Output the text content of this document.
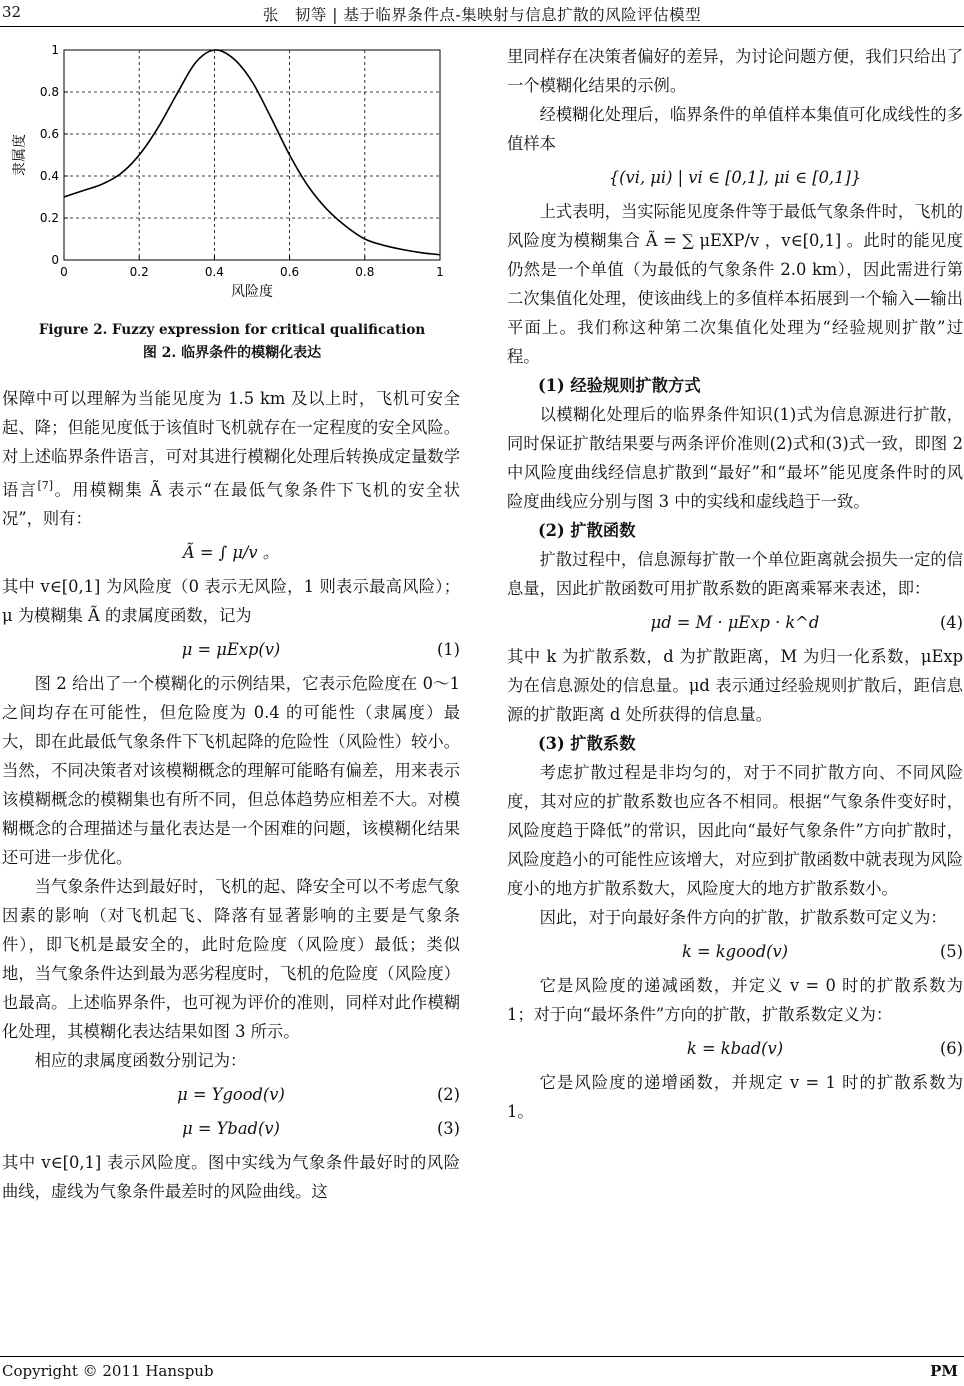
32	张　韧等 | 基于临界条件点-集映射与信息扩散的风险评估模型
0	0.2	0.4	0.6	0.8	1
0
0.2
0.4
0.6
0.8
1
风险度
隶属度
Figure 2. Fuzzy expression for critical qualification
图 2. 临界条件的模糊化表达

保障中可以理解为当能见度为 1.5 km 及以上时，飞机可安全起、降；但能见度低于该值时飞机就存在一定程度的安全风险。对上述临界条件语言，可对其进行模糊化处理后转换成定量数学语言[7]。用模糊集 Ã 表示“在最低气象条件下飞机的安全状况”，则有：

Ã = ∫ μ/v 。

其中 v∈[0,1] 为风险度（0 表示无风险，1 则表示最高风险）；μ 为模糊集 Ã 的隶属度函数，记为

μ = μExp(v)	(1)

图 2 给出了一个模糊化的示例结果，它表示危险度在 0～1 之间均存在可能性，但危险度为 0.4 的可能性（隶属度）最大，即在此最低气象条件下飞机起降的危险性（风险性）较小。当然，不同决策者对该模糊概念的理解可能略有偏差，用来表示该模糊概念的模糊集也有所不同，但总体趋势应相差不大。对模糊概念的合理描述与量化表达是一个困难的问题，该模糊化结果还可进一步优化。

当气象条件达到最好时，飞机的起、降安全可以不考虑气象因素的影响（对飞机起飞、降落有显著影响的主要是气象条件），即飞机是最安全的，此时危险度（风险度）最低；类似地，当气象条件达到最为恶劣程度时，飞机的危险度（风险度）也最高。上述临界条件，也可视为评价的准则，同样对此作模糊化处理，其模糊化表达结果如图 3 所示。

相应的隶属度函数分别记为：

μ = Ygood(v)	(2)
μ = Ybad(v)	(3)

其中 v∈[0,1] 表示风险度。图中实线为气象条件最好时的风险曲线，虚线为气象条件最差时的风险曲线。这

里同样存在决策者偏好的差异，为讨论问题方便，我们只给出了一个模糊化结果的示例。

经模糊化处理后，临界条件的单值样本集值可化成线性的多值样本

{(vi, μi) | vi ∈ [0,1], μi ∈ [0,1]}

上式表明，当实际能见度条件等于最低气象条件时，飞机的风险度为模糊集合 Ã = ∑ μEXP/v ，v∈[0,1] 。此时的能见度仍然是一个单值（为最低的气象条件 2.0 km），因此需进行第二次集值化处理，使该曲线上的多值样本拓展到一个输入—输出平面上。我们称这种第二次集值化处理为“经验规则扩散”过程。

(1) 经验规则扩散方式

以模糊化处理后的临界条件知识(1)式为信息源进行扩散，同时保证扩散结果要与两条评价准则(2)式和(3)式一致，即图 2 中风险度曲线经信息扩散到“最好”和“最坏”能见度条件时的风险度曲线应分别与图 3 中的实线和虚线趋于一致。

(2) 扩散函数

扩散过程中，信息源每扩散一个单位距离就会损失一定的信息量，因此扩散函数可用扩散系数的距离乘幂来表述，即：

μd = M · μExp · k^d	(4)

其中 k 为扩散系数，d 为扩散距离，M 为归一化系数，μExp 为在信息源处的信息量。μd 表示通过经验规则扩散后，距信息源的扩散距离 d 处所获得的信息量。

(3) 扩散系数

考虑扩散过程是非均匀的，对于不同扩散方向、不同风险度，其对应的扩散系数也应各不相同。根据“气象条件变好时，风险度趋于降低”的常识，因此向“最好气象条件”方向扩散时，风险度趋小的可能性应该增大，对应到扩散函数中就表现为风险度小的地方扩散系数大，风险度大的地方扩散系数小。

因此，对于向最好条件方向的扩散，扩散系数可定义为：

k = kgood(v)	(5)

它是风险度的递减函数，并定义 v = 0 时的扩散系数为 1；对于向“最坏条件”方向的扩散，扩散系数定义为：

k = kbad(v)	(6)

它是风险度的递增函数，并规定 v = 1 时的扩散系数为 1。

Copyright © 2011 Hanspub	PM
